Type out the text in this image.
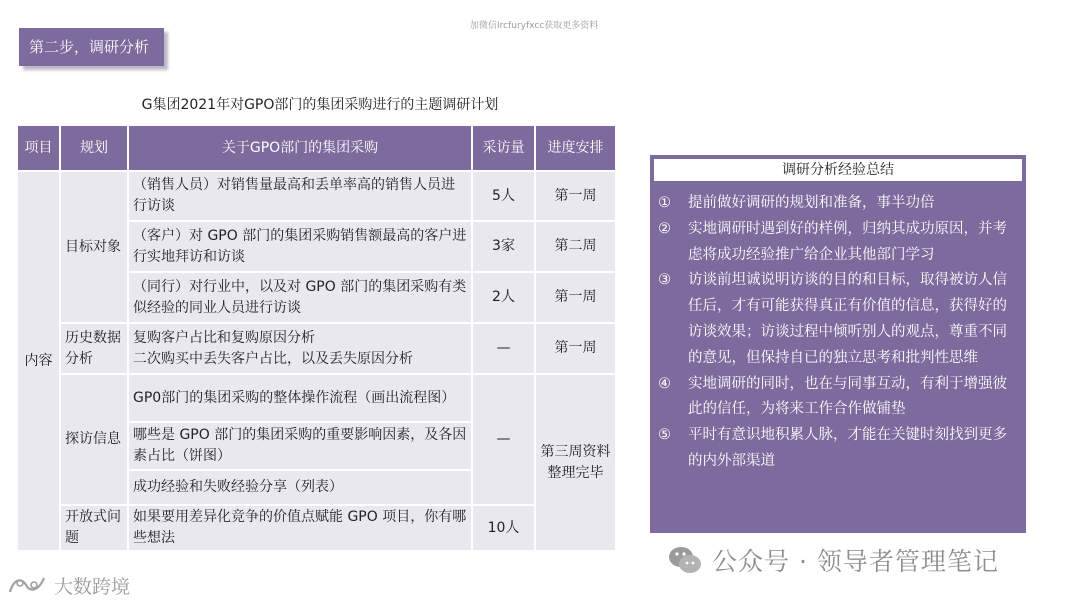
加微信Ircfuryfxcc获取更多资料
第二步，调研分析
G集团2021年对GPO部门的集团采购进行的主题调研计划
项目	规划	关于GPO部门的集团采购	采访量	进度安排
内容	目标对象	（销售人员）对销售量最高和丢单率高的销售人员进行访谈	5人	第一周
		（客户）对 GPO 部门的集团采购销售额最高的客户进行实地拜访和访谈	3家	第二周
		（同行）对行业中，以及对 GPO 部门的集团采购有类似经验的同业人员进行访谈	2人	第一周
	历史数据分析	复购客户占比和复购原因分析
二次购买中丢失客户占比，以及丢失原因分析	—	第一周
	探访信息	GP0部门的集团采购的整体操作流程（画出流程图）	—	第三周资料整理完毕
		哪些是 GPO 部门的集团采购的重要影响因素，及各因素占比（饼图）		
		成功经验和失败经验分享（列表）		
	开放式问题	如果要用差异化竞争的价值点赋能 GPO 项目，你有哪些想法	10人	
调研分析经验总结
①	提前做好调研的规划和准备，事半功倍
②	实地调研时遇到好的样例，归纳其成功原因，并考虑将成功经验推广给企业其他部门学习
③	访谈前坦诚说明访谈的目的和目标，取得被访人信任后，才有可能获得真正有价值的信息，获得好的访谈效果；访谈过程中倾听别人的观点，尊重不同的意见，但保持自已的独立思考和批判性思维
④	实地调研的同时，也在与同事互动，有利于增强彼此的信任，为将来工作合作做铺垫
⑤	平时有意识地积累人脉，才能在关键时刻找到更多的内外部渠道
公众号 · 领导者管理笔记
大数跨境
